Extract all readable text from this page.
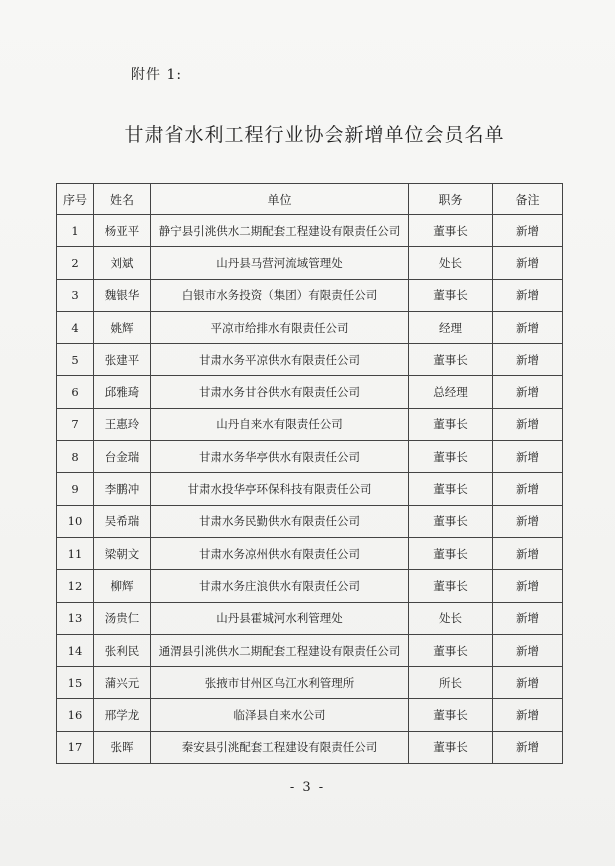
附件 1:
甘肃省水利工程行业协会新增单位会员名单
序号	姓名	单位	职务	备注
1	杨亚平	静宁县引洮供水二期配套工程建设有限责任公司	董事长	新增
2	刘斌	山丹县马营河流域管理处	处长	新增
3	魏银华	白银市水务投资（集团）有限责任公司	董事长	新增
4	姚辉	平凉市给排水有限责任公司	经理	新增
5	张建平	甘肃水务平凉供水有限责任公司	董事长	新增
6	邱雅琦	甘肃水务甘谷供水有限责任公司	总经理	新增
7	王惠玲	山丹自来水有限责任公司	董事长	新增
8	台金瑞	甘肃水务华亭供水有限责任公司	董事长	新增
9	李鹏冲	甘肃水投华亭环保科技有限责任公司	董事长	新增
10	吴希瑞	甘肃水务民勤供水有限责任公司	董事长	新增
11	梁朝文	甘肃水务凉州供水有限责任公司	董事长	新增
12	柳辉	甘肃水务庄浪供水有限责任公司	董事长	新增
13	汤贵仁	山丹县霍城河水利管理处	处长	新增
14	张利民	通渭县引洮供水二期配套工程建设有限责任公司	董事长	新增
15	蒲兴元	张掖市甘州区乌江水利管理所	所长	新增
16	邢学龙	临泽县自来水公司	董事长	新增
17	张晖	秦安县引洮配套工程建设有限责任公司	董事长	新增
- 3 -
